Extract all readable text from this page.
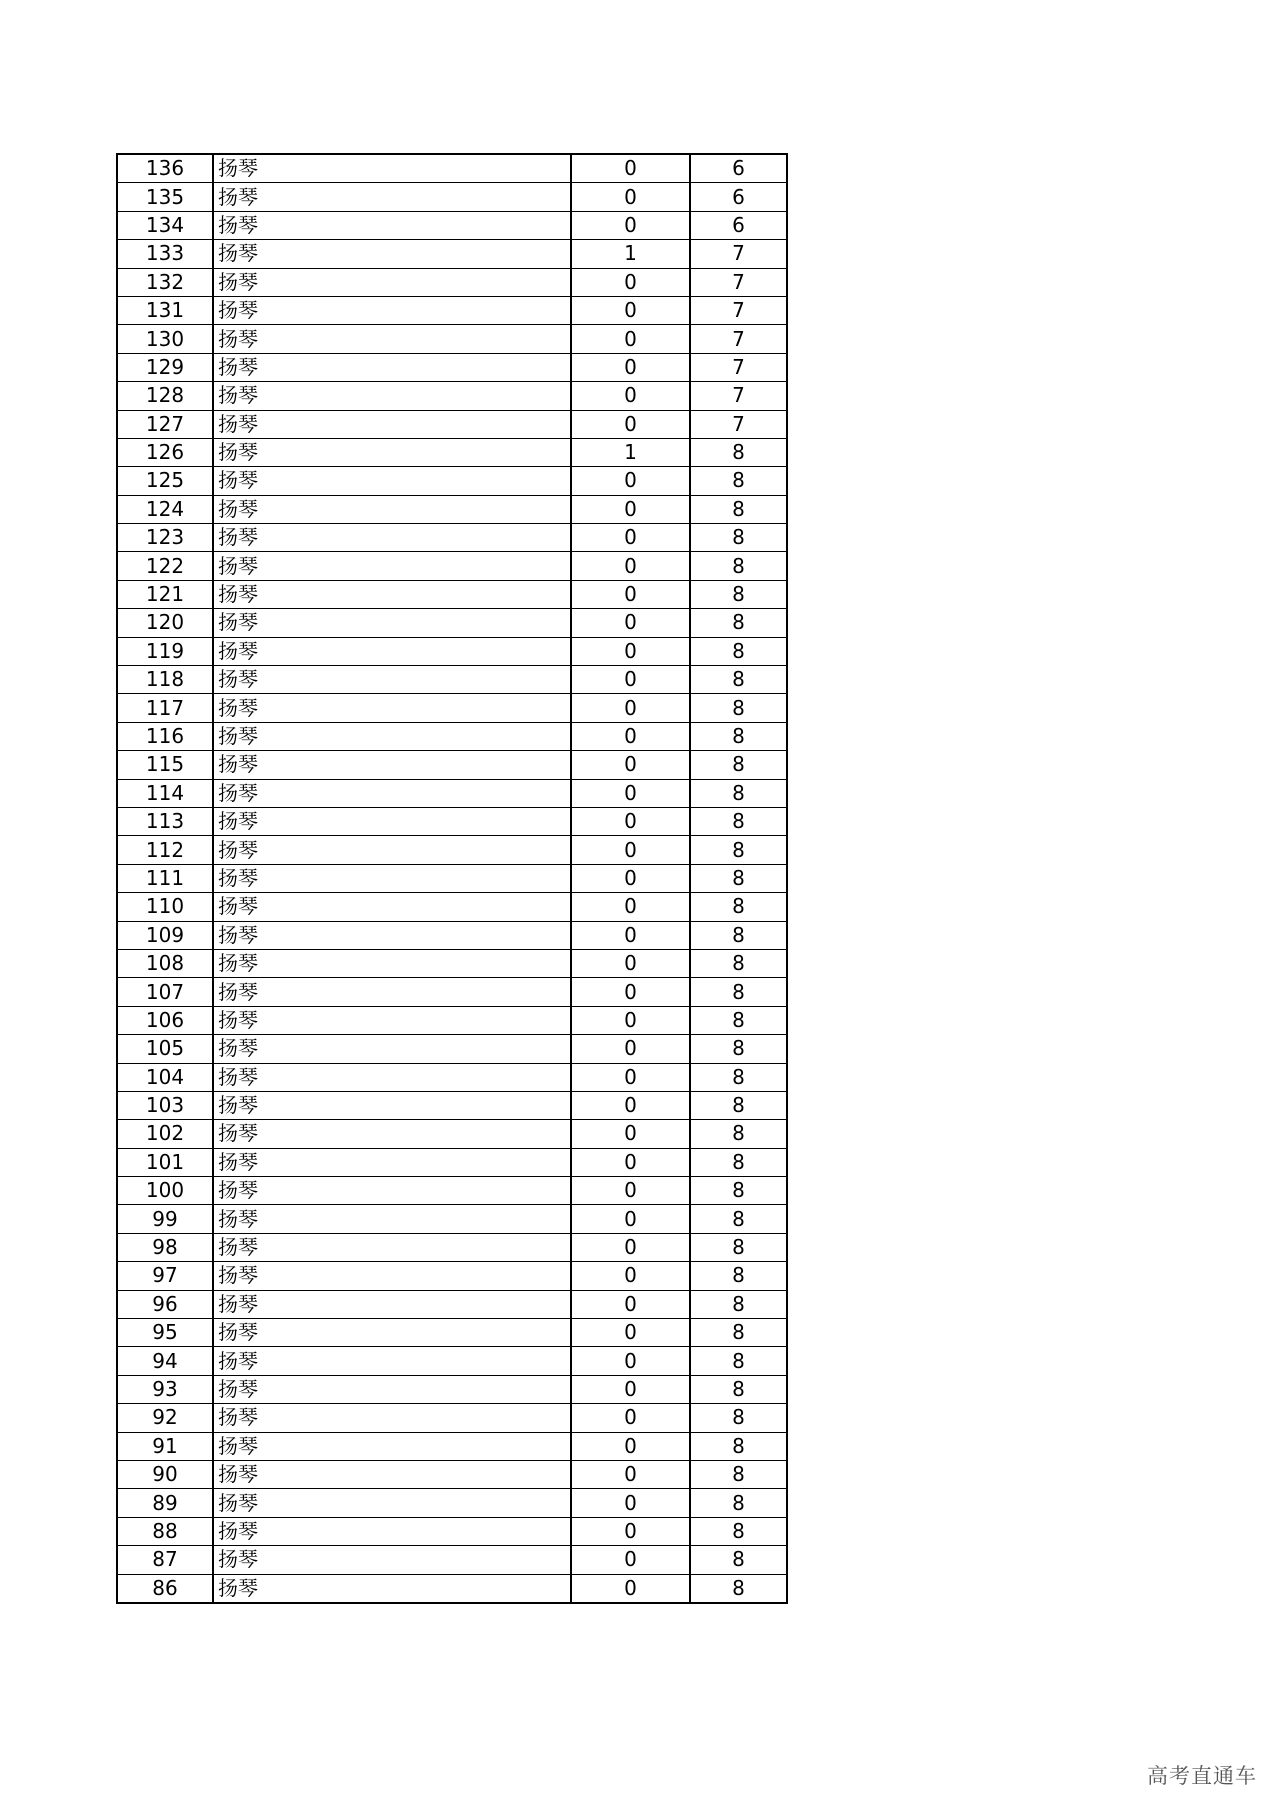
136	扬琴	0	6
135	扬琴	0	6
134	扬琴	0	6
133	扬琴	1	7
132	扬琴	0	7
131	扬琴	0	7
130	扬琴	0	7
129	扬琴	0	7
128	扬琴	0	7
127	扬琴	0	7
126	扬琴	1	8
125	扬琴	0	8
124	扬琴	0	8
123	扬琴	0	8
122	扬琴	0	8
121	扬琴	0	8
120	扬琴	0	8
119	扬琴	0	8
118	扬琴	0	8
117	扬琴	0	8
116	扬琴	0	8
115	扬琴	0	8
114	扬琴	0	8
113	扬琴	0	8
112	扬琴	0	8
111	扬琴	0	8
110	扬琴	0	8
109	扬琴	0	8
108	扬琴	0	8
107	扬琴	0	8
106	扬琴	0	8
105	扬琴	0	8
104	扬琴	0	8
103	扬琴	0	8
102	扬琴	0	8
101	扬琴	0	8
100	扬琴	0	8
99	扬琴	0	8
98	扬琴	0	8
97	扬琴	0	8
96	扬琴	0	8
95	扬琴	0	8
94	扬琴	0	8
93	扬琴	0	8
92	扬琴	0	8
91	扬琴	0	8
90	扬琴	0	8
89	扬琴	0	8
88	扬琴	0	8
87	扬琴	0	8
86	扬琴	0	8
高考直通车
